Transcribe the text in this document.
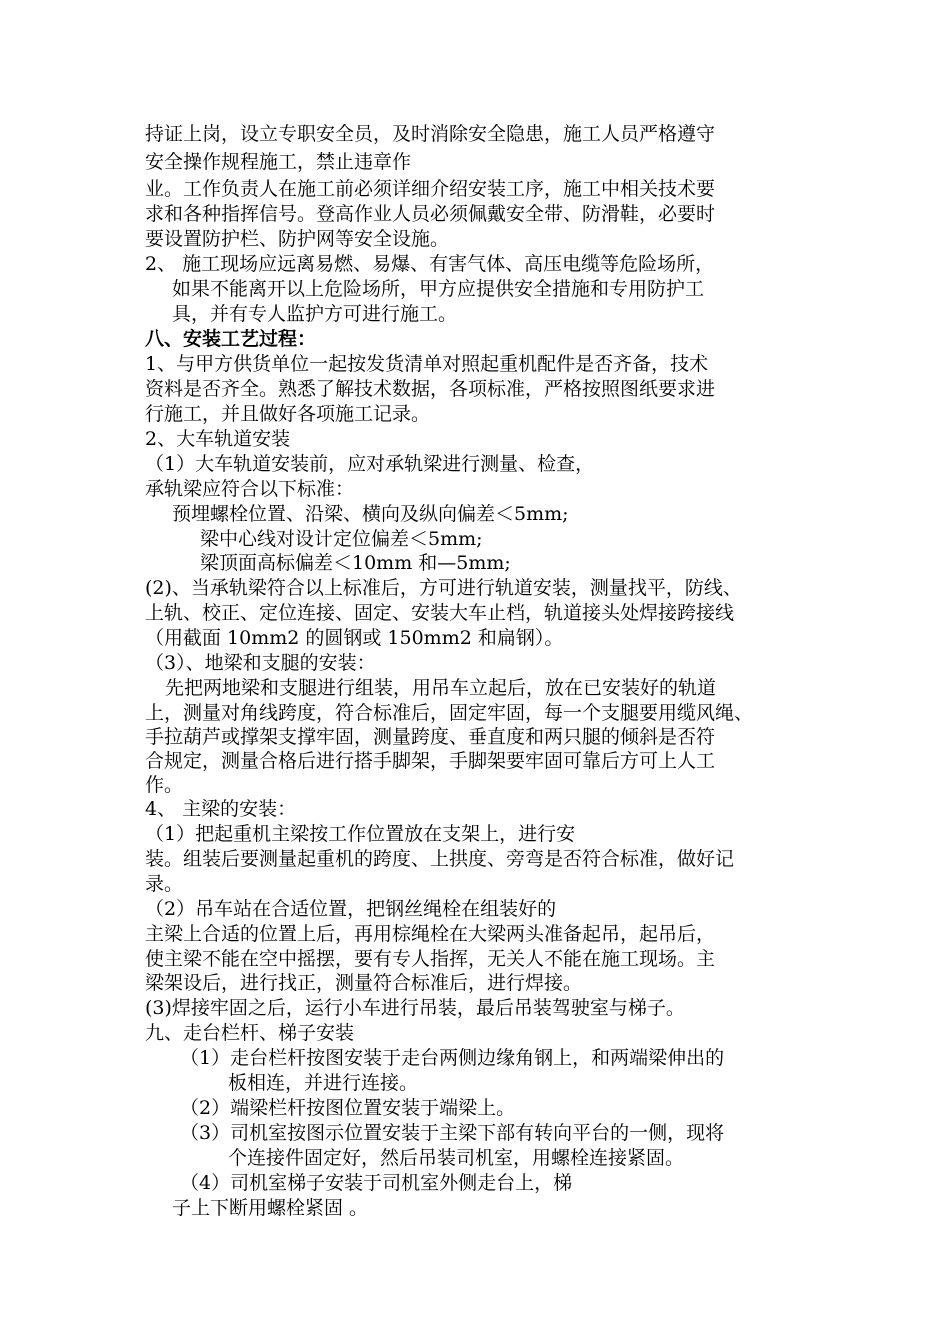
持证上岗，设立专职安全员，及时消除安全隐患，施工人员严格遵守
安全操作规程施工，禁止违章作
业。工作负责人在施工前必须详细介绍安装工序，施工中相关技术要
求和各种指挥信号。登高作业人员必须佩戴安全带、防滑鞋，必要时
要设置防护栏、防护网等安全设施。
2、 施工现场应远离易燃、易爆、有害气体、高压电缆等危险场所，
如果不能离开以上危险场所，甲方应提供安全措施和专用防护工
具，并有专人监护方可进行施工。
八、安装工艺过程：
1、与甲方供货单位一起按发货清单对照起重机配件是否齐备，技术
资料是否齐全。熟悉了解技术数据，各项标准，严格按照图纸要求进
行施工，并且做好各项施工记录。
2、大车轨道安装
（1）大车轨道安装前，应对承轨梁进行测量、检查，
承轨梁应符合以下标准：
预埋螺栓位置、沿梁、横向及纵向偏差＜5mm;
梁中心线对设计定位偏差＜5mm;
梁顶面高标偏差＜10mm 和—5mm;
(2)、当承轨梁符合以上标准后，方可进行轨道安装，测量找平，防线、
上轨、校正、定位连接、固定、安装大车止档，轨道接头处焊接跨接线
（用截面 10mm2 的圆钢或 150mm2 和扁钢）。
（3）、地梁和支腿的安装：
先把两地梁和支腿进行组装，用吊车立起后，放在已安装好的轨道
上，测量对角线跨度，符合标准后，固定牢固，每一个支腿要用缆风绳、
手拉葫芦或撑架支撑牢固，测量跨度、垂直度和两只腿的倾斜是否符
合规定，测量合格后进行搭手脚架，手脚架要牢固可靠后方可上人工
作。
4、 主梁的安装：
（1）把起重机主梁按工作位置放在支架上，进行安
装。组装后要测量起重机的跨度、上拱度、旁弯是否符合标准，做好记
录。
（2）吊车站在合适位置，把钢丝绳栓在组装好的
主梁上合适的位置上后，再用棕绳栓在大梁两头准备起吊，起吊后，
使主梁不能在空中摇摆，要有专人指挥，无关人不能在施工现场。主
梁架设后，进行找正，测量符合标准后，进行焊接。
(3)焊接牢固之后，运行小车进行吊装，最后吊装驾驶室与梯子。
九、走台栏杆、梯子安装
（1）走台栏杆按图安装于走台两侧边缘角钢上，和两端梁伸出的
板相连，并进行连接。
（2）端梁栏杆按图位置安装于端梁上。
（3）司机室按图示位置安装于主梁下部有转向平台的一侧，现将
个连接件固定好，然后吊装司机室，用螺栓连接紧固。
（4）司机室梯子安装于司机室外侧走台上，梯
子上下断用螺栓紧固 。
